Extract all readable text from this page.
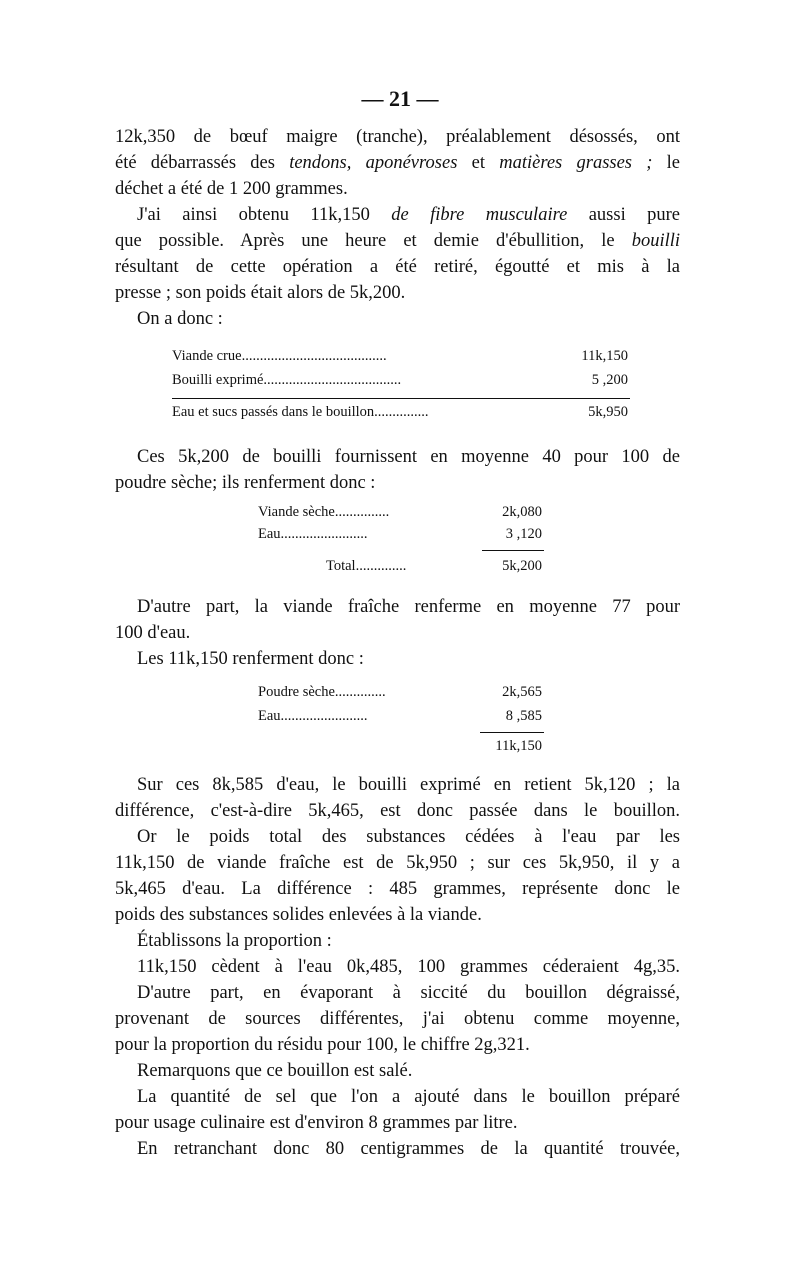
— 21 —
12k,350 de bœuf maigre (tranche), préalablement désossés, ont
été débarrassés des tendons, aponévroses et matières grasses ; le
déchet a été de 1 200 grammes.
J'ai ainsi obtenu 11k,150 de fibre musculaire aussi pure
que possible. Après une heure et demie d'ébullition, le bouilli
résultant de cette opération a été retiré, égoutté et mis à la
presse ; son poids était alors de 5k,200.
On a donc :
Viande crue........................................	11k,150
Bouilli exprimé......................................	5 ,200
Eau et sucs passés dans le bouillon...............	5k,950
Ces 5k,200 de bouilli fournissent en moyenne 40 pour 100 de
poudre sèche; ils renferment donc :
Viande sèche...............	2k,080
Eau........................	3 ,120
Total..............	5k,200
D'autre part, la viande fraîche renferme en moyenne 77 pour
100 d'eau.
Les 11k,150 renferment donc :
Poudre sèche..............	2k,565
Eau........................	8 ,585
11k,150
Sur ces 8k,585 d'eau, le bouilli exprimé en retient 5k,120 ; la
différence, c'est-à-dire 5k,465, est donc passée dans le bouillon.
Or le poids total des substances cédées à l'eau par les
11k,150 de viande fraîche est de 5k,950 ; sur ces 5k,950, il y a
5k,465 d'eau. La différence : 485 grammes, représente donc le
poids des substances solides enlevées à la viande.
Établissons la proportion :
11k,150 cèdent à l'eau 0k,485, 100 grammes céderaient 4g,35.
D'autre part, en évaporant à siccité du bouillon dégraissé,
provenant de sources différentes, j'ai obtenu comme moyenne,
pour la proportion du résidu pour 100, le chiffre 2g,321.
Remarquons que ce bouillon est salé.
La quantité de sel que l'on a ajouté dans le bouillon préparé
pour usage culinaire est d'environ 8 grammes par litre.
En retranchant donc 80 centigrammes de la quantité trouvée,
